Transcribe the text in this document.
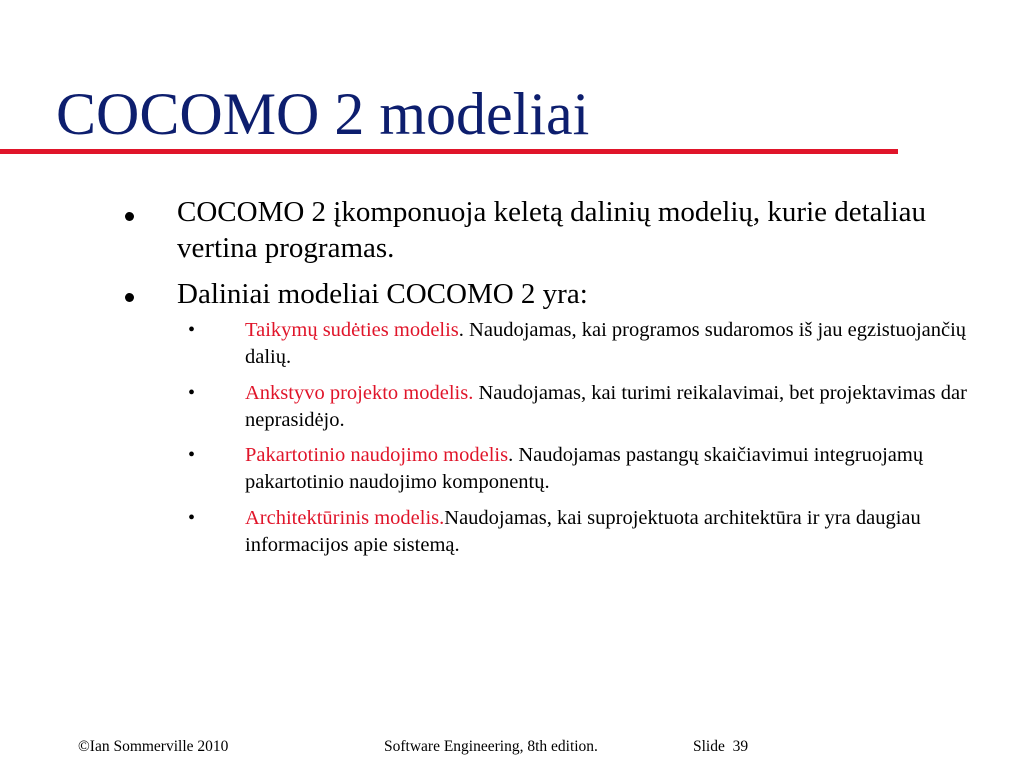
COCOMO 2 modeliai
COCOMO 2 įkomponuoja keletą dalinių modelių, kurie detaliau vertina programas.
Daliniai modeliai COCOMO 2 yra:
•	Taikymų sudėties modelis. Naudojamas, kai programos sudaromos iš jau egzistuojančių dalių.
•	Ankstyvo projekto modelis. Naudojamas, kai turimi reikalavimai, bet projektavimas dar neprasidėjo.
•	Pakartotinio naudojimo modelis. Naudojamas pastangų skaičiavimui integruojamų pakartotinio naudojimo komponentų.
•	Architektūrinis modelis.Naudojamas, kai suprojektuota architektūra ir yra daugiau informacijos apie sistemą.
©Ian Sommerville 2010	Software Engineering, 8th edition.	Slide  39
